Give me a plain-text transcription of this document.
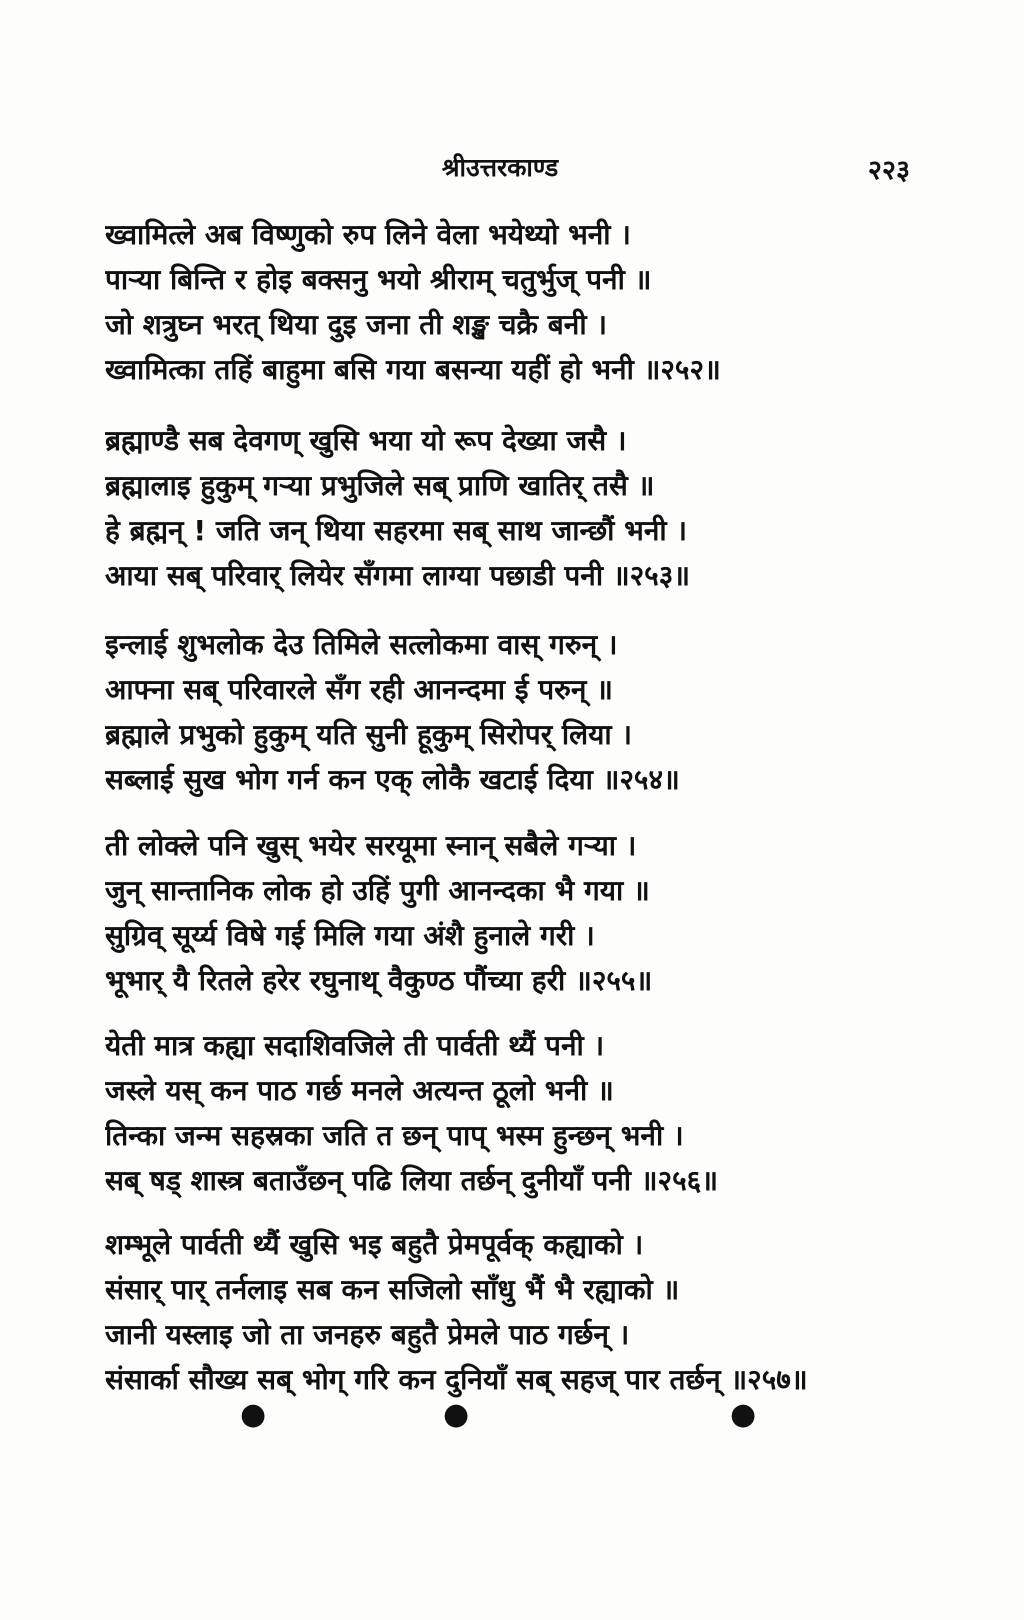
श्रीउत्तरकाण्ड	२२३
ख्वामित्ले अब विष्णुको रुप लिने वेला भयेथ्यो भनी ।
पाऱ्या बिन्ति र होइ बक्सनु भयो श्रीराम् चतुर्भुज् पनी ॥
जो शत्रुघ्न भरत् थिया दुइ जना ती शङ्ख चक्रै बनी ।
ख्वामित्का तहिं बाहुमा बसि गया बसन्या यहीं हो भनी ॥२५२॥
ब्रह्माण्डै सब देवगण् खुसि भया यो रूप देख्या जसै ।
ब्रह्मालाइ हुकुम् गऱ्या प्रभुजिले सब् प्राणि खातिर् तसै ॥
हे ब्रह्मन् ! जति जन् थिया सहरमा सब् साथ जान्छौं भनी ।
आया सब् परिवार् लियेर सँगमा लाग्या पछाडी पनी ॥२५३॥
इन्लाई शुभलोक देउ तिमिले सत्लोकमा वास् गरुन् ।
आफ्ना सब् परिवारले सँग रही आनन्दमा ई परुन् ॥
ब्रह्माले प्रभुको हुकुम् यति सुनी हूकुम् सिरोपर् लिया ।
सब्लाई सुख भोग गर्न कन एक् लोकै खटाई दिया ॥२५४॥
ती लोक्ले पनि खुस् भयेर सरयूमा स्नान् सबैले गऱ्या ।
जुन् सान्तानिक लोक हो उहिं पुगी आनन्दका भै गया ॥
सुग्रिव् सूर्य्य विषे गई मिलि गया अंशै हुनाले गरी ।
भूभार् यै रितले हरेर रघुनाथ् वैकुण्ठ पौंच्या हरी ॥२५५॥
येती मात्र कह्या सदाशिवजिले ती पार्वती थ्यैं पनी ।
जस्ले यस् कन पाठ गर्छ मनले अत्यन्त ठूलो भनी ॥
तिन्का जन्म सहस्रका जति त छन् पाप् भस्म हुन्छन् भनी ।
सब् षड् शास्त्र बताउँछन् पढि लिया तर्छन् दुनीयाँ पनी ॥२५६॥
शम्भूले पार्वती थ्यैं खुसि भइ बहुतै प्रेमपूर्वक् कह्याको ।
संसार् पार् तर्नलाइ सब कन सजिलो साँधु भैं भै रह्याको ॥
जानी यस्लाइ जो ता जनहरु बहुतै प्रेमले पाठ गर्छन् ।
संसार्का सौख्य सब् भोग् गरि कन दुनियाँ सब् सहज् पार तर्छन् ॥२५७॥
●	●	●
